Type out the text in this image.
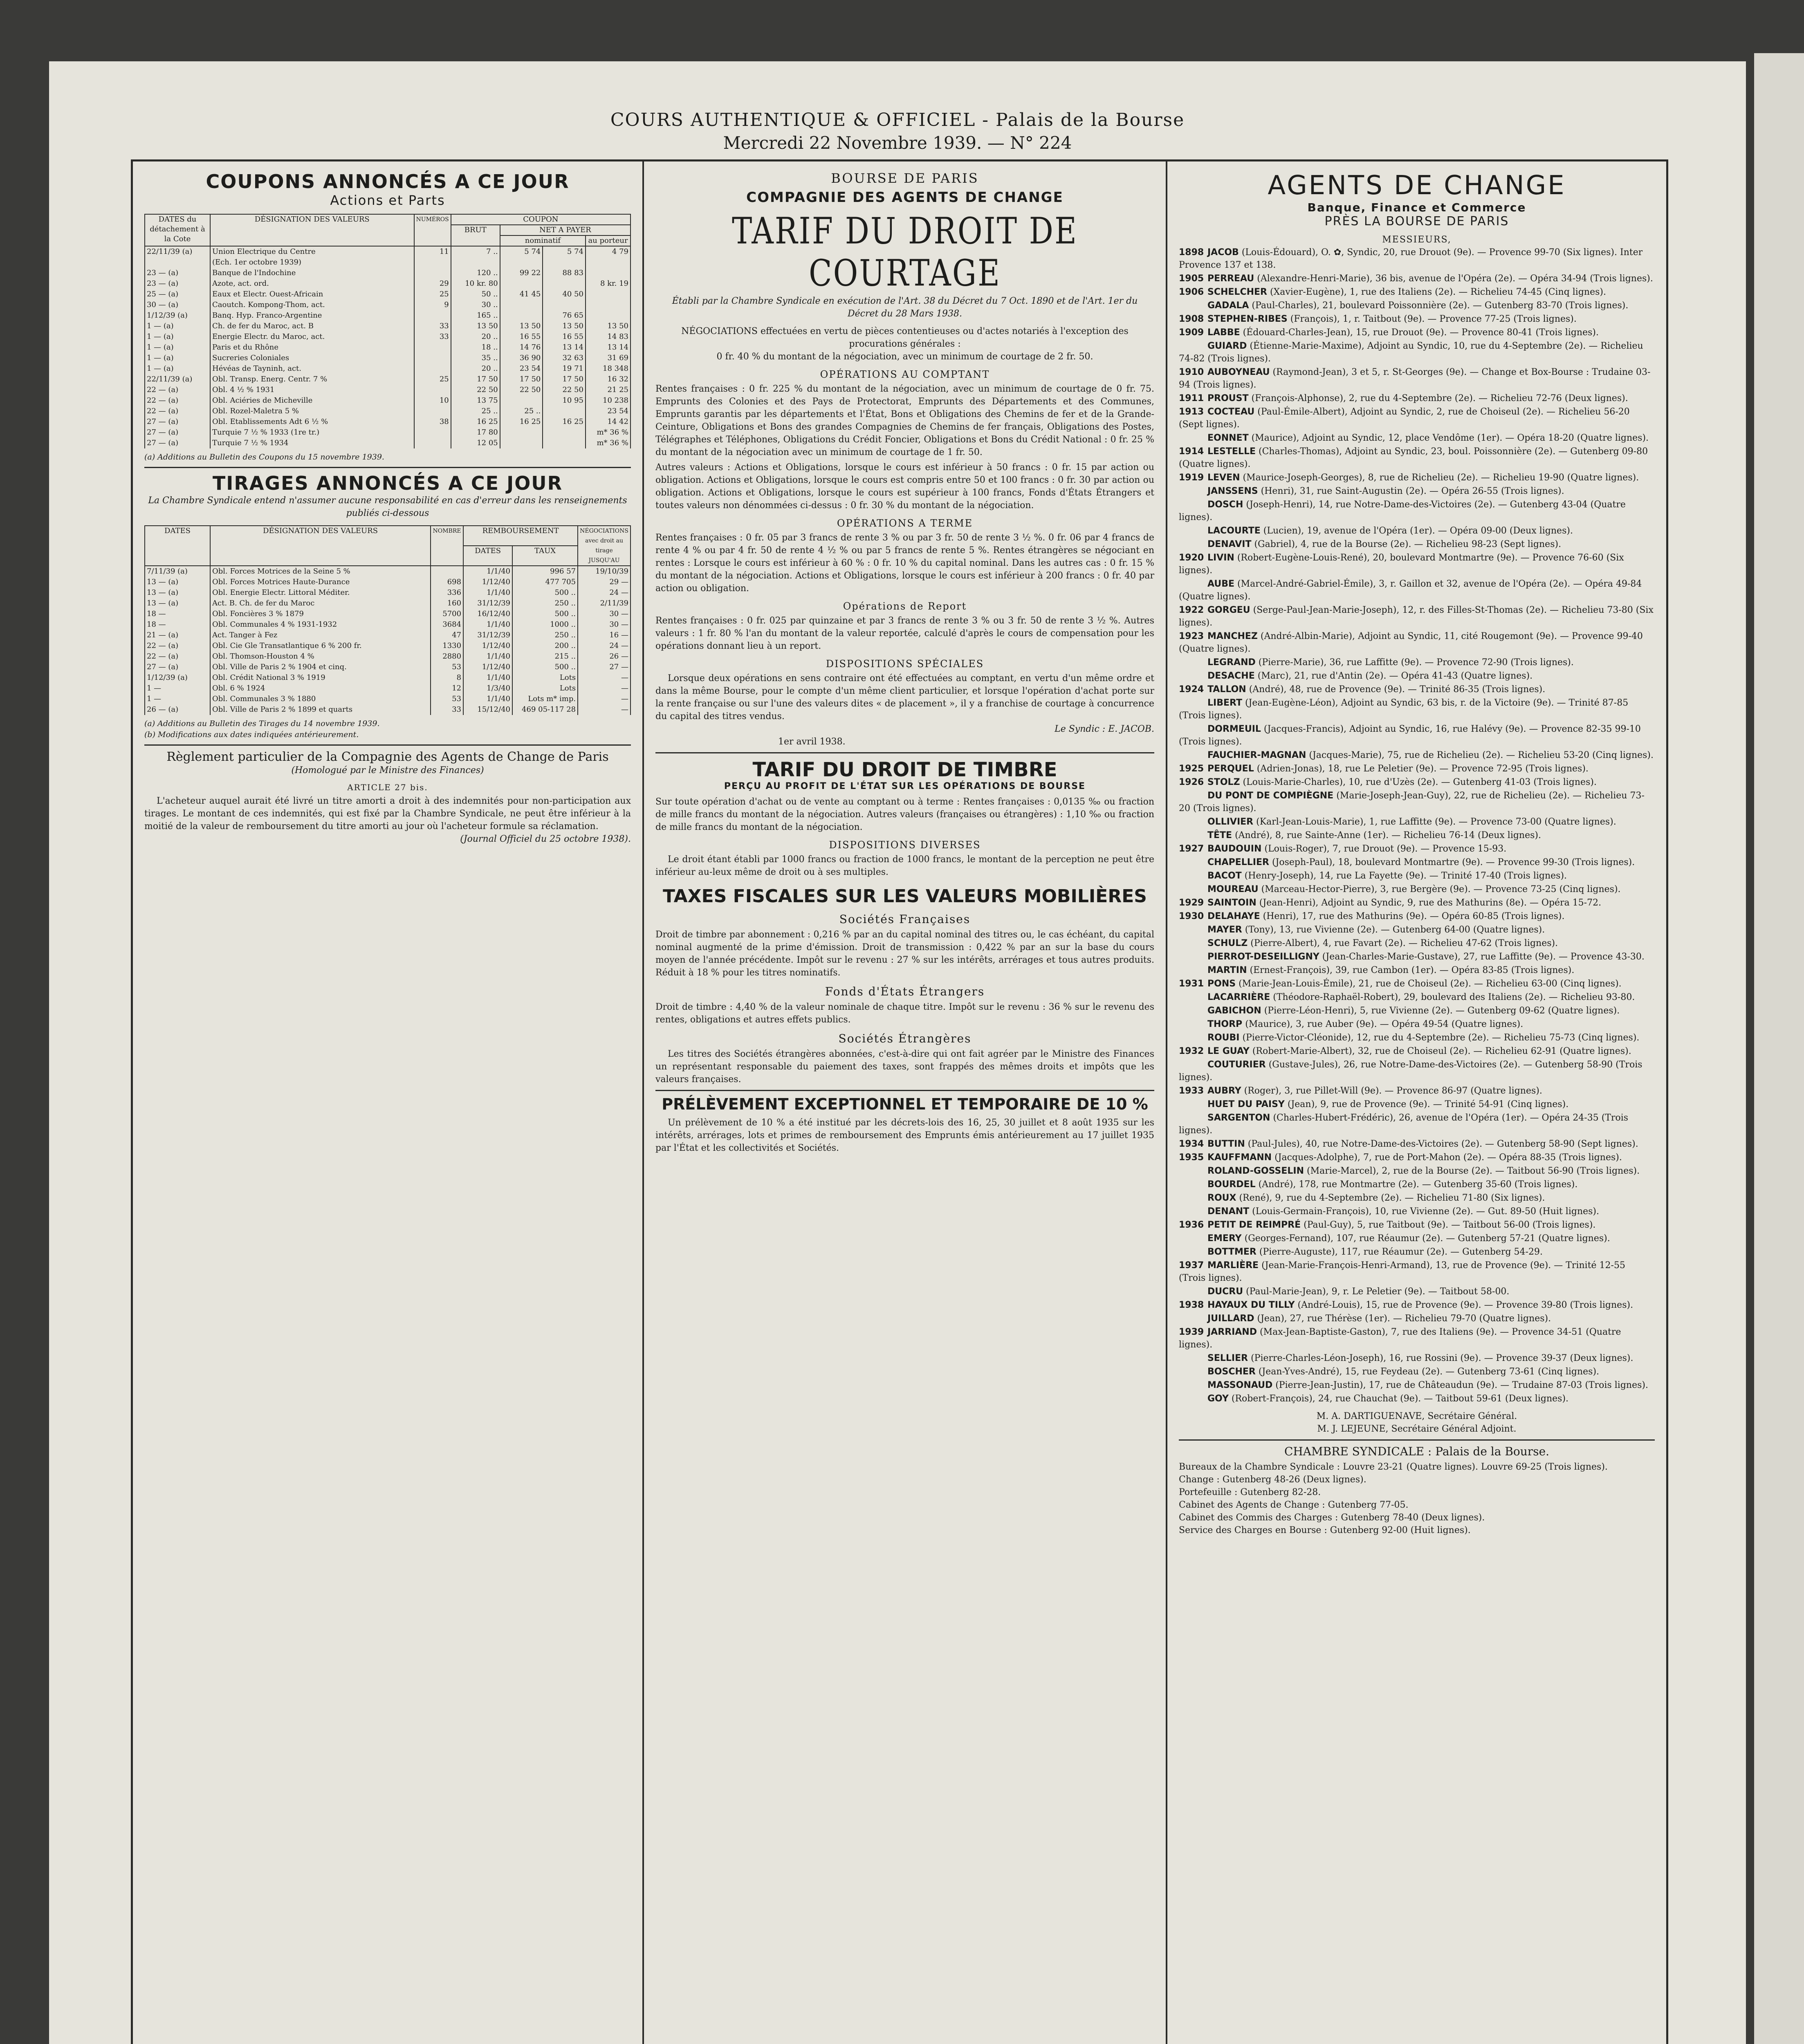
COURS AUTHENTIQUE & OFFICIEL - Palais de la Bourse
Mercredi 22 Novembre 1939. — N° 224
COUPONS ANNONCÉS A CE JOUR
Actions et Parts
DATES du détachement à la Cote	DÉSIGNATION DES VALEURS	NUMÉROS	COUPON			
			BRUT	NET A PAYER		
				nominatif		au porteur
22/11/39 (a)	Union Electrique du Centre	11	7 ..	5 74	5 74	4 79
	(Ech. 1er octobre 1939)					
23 — (a)	Banque de l'Indochine		120 ..	99 22	88 83	
23 — (a)	Azote, act. ord.	29	10 kr. 80			8 kr. 19
25 — (a)	Eaux et Electr. Ouest-Africain	25	50 ..	41 45	40 50	
30 — (a)	Caoutch. Kompong-Thom, act.	9	30 ..			
1/12/39 (a)	Banq. Hyp. Franco-Argentine		165 ..		76 65	
1 — (a)	Ch. de fer du Maroc, act. B	33	13 50	13 50	13 50	13 50
1 — (a)	Energie Electr. du Maroc, act.	33	20 ..	16 55	16 55	14 83
1 — (a)	Paris et du Rhône		18 ..	14 76	13 14	13 14
1 — (a)	Sucreries Coloniales		35 ..	36 90	32 63	31 69
1 — (a)	Hévéas de Tayninh, act.		20 ..	23 54	19 71	18 348
22/11/39 (a)	Obl. Transp. Energ. Centr. 7 %	25	17 50	17 50	17 50	16 32
22 — (a)	Obl. 4 ½ % 1931		22 50	22 50	22 50	21 25
22 — (a)	Obl. Aciéries de Micheville	10	13 75		10 95	10 238
22 — (a)	Obl. Rozel-Maletra 5 %		25 ..	25 ..		23 54
27 — (a)	Obl. Etablissements Adt 6 ½ %	38	16 25	16 25	16 25	14 42
27 — (a)	Turquie 7 ½ % 1933 (1re tr.)		17 80			m* 36 %
27 — (a)	Turquie 7 ½ % 1934		12 05			m* 36 %
(a) Additions au Bulletin des Coupons du 15 novembre 1939.
TIRAGES ANNONCÉS A CE JOUR
La Chambre Syndicale entend n'assumer aucune responsabilité en cas d'erreur dans les renseignements publiés ci-dessous
DATES	DÉSIGNATION DES VALEURS	NOMBRE	REMBOURSEMENT		NÉGOCIATIONS avec droit au tirage JUSQU'AU
			DATES	TAUX	
7/11/39 (a)	Obl. Forces Motrices de la Seine 5 %		1/1/40	996 57	19/10/39
13 — (a)	Obl. Forces Motrices Haute-Durance	698	1/12/40	477 705	29 —
13 — (a)	Obl. Energie Electr. Littoral Méditer.	336	1/1/40	500 ..	24 —
13 — (a)	Act. B. Ch. de fer du Maroc	160	31/12/39	250 ..	2/11/39
18 —	Obl. Foncières 3 % 1879	5700	16/12/40	500 ..	30 —
18 —	Obl. Communales 4 % 1931-1932	3684	1/1/40	1000 ..	30 —
21 — (a)	Act. Tanger à Fez	47	31/12/39	250 ..	16 —
22 — (a)	Obl. Cie Gle Transatlantique 6 % 200 fr.	1330	1/12/40	200 ..	24 —
22 — (a)	Obl. Thomson-Houston 4 %	2880	1/1/40	215 ..	26 —
27 — (a)	Obl. Ville de Paris 2 % 1904 et cinq.	53	1/12/40	500 ..	27 —
1/12/39 (a)	Obl. Crédit National 3 % 1919	8	1/1/40	Lots	—
1 —	Obl. 6 % 1924	12	1/3/40	Lots	—
1 —	Obl. Communales 3 % 1880	53	1/1/40	Lots m* imp.	—
26 — (a)	Obl. Ville de Paris 2 % 1899 et quarts	33	15/12/40	469 05-117 28	—
(a) Additions au Bulletin des Tirages du 14 novembre 1939.
(b) Modifications aux dates indiquées antérieurement.
Règlement particulier de la Compagnie des Agents de Change de Paris
(Homologué par le Ministre des Finances)
ARTICLE 27 bis.
L'acheteur auquel aurait été livré un titre amorti a droit à des indemnités pour non-participation aux tirages. Le montant de ces indemnités, qui est fixé par la Chambre Syndicale, ne peut être inférieur à la moitié de la valeur de remboursement du titre amorti au jour où l'acheteur formule sa réclamation.
(Journal Officiel du 25 octobre 1938).
BOURSE DE PARIS
COMPAGNIE DES AGENTS DE CHANGE
TARIF DU DROIT DE COURTAGE
Établi par la Chambre Syndicale en exécution de l'Art. 38 du Décret du 7 Oct. 1890 et de l'Art. 1er du Décret du 28 Mars 1938.
NÉGOCIATIONS effectuées en vertu de pièces contentieuses ou d'actes notariés à l'exception des procurations générales :
0 fr. 40 % du montant de la négociation, avec un minimum de courtage de 2 fr. 50.
OPÉRATIONS AU COMPTANT
Rentes françaises : 0 fr. 225 % du montant de la négociation, avec un minimum de courtage de 0 fr. 75. Emprunts des Colonies et des Pays de Protectorat, Emprunts des Départements et des Communes, Emprunts garantis par les départements et l'État, Bons et Obligations des Chemins de fer et de la Grande-Ceinture, Obligations et Bons des grandes Compagnies de Chemins de fer français, Obligations des Postes, Télégraphes et Téléphones, Obligations du Crédit Foncier, Obligations et Bons du Crédit National : 0 fr. 25 % du montant de la négociation avec un minimum de courtage de 1 fr. 50.
Autres valeurs : Actions et Obligations, lorsque le cours est inférieur à 50 francs : 0 fr. 15 par action ou obligation. Actions et Obligations, lorsque le cours est compris entre 50 et 100 francs : 0 fr. 30 par action ou obligation. Actions et Obligations, lorsque le cours est supérieur à 100 francs, Fonds d'États Étrangers et toutes valeurs non dénommées ci-dessus : 0 fr. 30 % du montant de la négociation.
OPÉRATIONS A TERME
Rentes françaises : 0 fr. 05 par 3 francs de rente 3 % ou par 3 fr. 50 de rente 3 ½ %. 0 fr. 06 par 4 francs de rente 4 % ou par 4 fr. 50 de rente 4 ½ % ou par 5 francs de rente 5 %. Rentes étrangères se négociant en rentes : Lorsque le cours est inférieur à 60 % : 0 fr. 10 % du capital nominal. Dans les autres cas : 0 fr. 15 % du montant de la négociation. Actions et Obligations, lorsque le cours est inférieur à 200 francs : 0 fr. 40 par action ou obligation.
Opérations de Report
Rentes françaises : 0 fr. 025 par quinzaine et par 3 francs de rente 3 % ou 3 fr. 50 de rente 3 ½ %. Autres valeurs : 1 fr. 80 % l'an du montant de la valeur reportée, calculé d'après le cours de compensation pour les opérations donnant lieu à un report.
DISPOSITIONS SPÉCIALES
Lorsque deux opérations en sens contraire ont été effectuées au comptant, en vertu d'un même ordre et dans la même Bourse, pour le compte d'un même client particulier, et lorsque l'opération d'achat porte sur la rente française ou sur l'une des valeurs dites « de placement », il y a franchise de courtage à concurrence du capital des titres vendus.
Le Syndic : E. JACOB.
1er avril 1938.
TARIF DU DROIT DE TIMBRE
PERÇU AU PROFIT DE L'ÉTAT SUR LES OPÉRATIONS DE BOURSE
Sur toute opération d'achat ou de vente au comptant ou à terme : Rentes françaises : 0,0135 ‰ ou fraction de mille francs du montant de la négociation. Autres valeurs (françaises ou étrangères) : 1,10 ‰ ou fraction de mille francs du montant de la négociation.
DISPOSITIONS DIVERSES
Le droit étant établi par 1000 francs ou fraction de 1000 francs, le montant de la perception ne peut être inférieur au-leux même de droit ou à ses multiples.
TAXES FISCALES SUR LES VALEURS MOBILIÈRES
Sociétés Françaises
Droit de timbre par abonnement : 0,216 % par an du capital nominal des titres ou, le cas échéant, du capital nominal augmenté de la prime d'émission. Droit de transmission : 0,422 % par an sur la base du cours moyen de l'année précédente. Impôt sur le revenu : 27 % sur les intérêts, arrérages et tous autres produits. Réduit à 18 % pour les titres nominatifs.
Fonds d'États Étrangers
Droit de timbre : 4,40 % de la valeur nominale de chaque titre. Impôt sur le revenu : 36 % sur le revenu des rentes, obligations et autres effets publics.
Sociétés Étrangères
Les titres des Sociétés étrangères abonnées, c'est-à-dire qui ont fait agréer par le Ministre des Finances un représentant responsable du paiement des taxes, sont frappés des mêmes droits et impôts que les valeurs françaises.
PRÉLÈVEMENT EXCEPTIONNEL ET TEMPORAIRE DE 10 %
Un prélèvement de 10 % a été institué par les décrets-lois des 16, 25, 30 juillet et 8 août 1935 sur les intérêts, arrérages, lots et primes de remboursement des Emprunts émis antérieurement au 17 juillet 1935 par l'État et les collectivités et Sociétés.
AGENTS DE CHANGE
Banque, Finance et Commerce
PRÈS LA BOURSE DE PARIS
MESSIEURS,
1898 JACOB (Louis-Édouard), O. ✿, Syndic, 20, rue Drouot (9e). — Provence 99-70 (Six lignes). Inter Provence 137 et 138.
1905 PERREAU (Alexandre-Henri-Marie), 36 bis, avenue de l'Opéra (2e). — Opéra 34-94 (Trois lignes).
1906 SCHELCHER (Xavier-Eugène), 1, rue des Italiens (2e). — Richelieu 74-45 (Cinq lignes).
GADALA (Paul-Charles), 21, boulevard Poissonnière (2e). — Gutenberg 83-70 (Trois lignes).
1908 STEPHEN-RIBES (François), 1, r. Taitbout (9e). — Provence 77-25 (Trois lignes).
1909 LABBE (Édouard-Charles-Jean), 15, rue Drouot (9e). — Provence 80-41 (Trois lignes).
GUIARD (Étienne-Marie-Maxime), Adjoint au Syndic, 10, rue du 4-Septembre (2e). — Richelieu 74-82 (Trois lignes).
1910 AUBOYNEAU (Raymond-Jean), 3 et 5, r. St-Georges (9e). — Change et Box-Bourse : Trudaine 03-94 (Trois lignes).
1911 PROUST (François-Alphonse), 2, rue du 4-Septembre (2e). — Richelieu 72-76 (Deux lignes).
1913 COCTEAU (Paul-Émile-Albert), Adjoint au Syndic, 2, rue de Choiseul (2e). — Richelieu 56-20 (Sept lignes).
EONNET (Maurice), Adjoint au Syndic, 12, place Vendôme (1er). — Opéra 18-20 (Quatre lignes).
1914 LESTELLE (Charles-Thomas), Adjoint au Syndic, 23, boul. Poissonnière (2e). — Gutenberg 09-80 (Quatre lignes).
1919 LEVEN (Maurice-Joseph-Georges), 8, rue de Richelieu (2e). — Richelieu 19-90 (Quatre lignes).
JANSSENS (Henri), 31, rue Saint-Augustin (2e). — Opéra 26-55 (Trois lignes).
DOSCH (Joseph-Henri), 14, rue Notre-Dame-des-Victoires (2e). — Gutenberg 43-04 (Quatre lignes).
LACOURTE (Lucien), 19, avenue de l'Opéra (1er). — Opéra 09-00 (Deux lignes).
DENAVIT (Gabriel), 4, rue de la Bourse (2e). — Richelieu 98-23 (Sept lignes).
1920 LIVIN (Robert-Eugène-Louis-René), 20, boulevard Montmartre (9e). — Provence 76-60 (Six lignes).
AUBE (Marcel-André-Gabriel-Émile), 3, r. Gaillon et 32, avenue de l'Opéra (2e). — Opéra 49-84 (Quatre lignes).
1922 GORGEU (Serge-Paul-Jean-Marie-Joseph), 12, r. des Filles-St-Thomas (2e). — Richelieu 73-80 (Six lignes).
1923 MANCHEZ (André-Albin-Marie), Adjoint au Syndic, 11, cité Rougemont (9e). — Provence 99-40 (Quatre lignes).
LEGRAND (Pierre-Marie), 36, rue Laffitte (9e). — Provence 72-90 (Trois lignes).
DESACHE (Marc), 21, rue d'Antin (2e). — Opéra 41-43 (Quatre lignes).
1924 TALLON (André), 48, rue de Provence (9e). — Trinité 86-35 (Trois lignes).
LIBERT (Jean-Eugène-Léon), Adjoint au Syndic, 63 bis, r. de la Victoire (9e). — Trinité 87-85 (Trois lignes).
DORMEUIL (Jacques-Francis), Adjoint au Syndic, 16, rue Halévy (9e). — Provence 82-35 99-10 (Trois lignes).
FAUCHIER-MAGNAN (Jacques-Marie), 75, rue de Richelieu (2e). — Richelieu 53-20 (Cinq lignes).
1925 PERQUEL (Adrien-Jonas), 18, rue Le Peletier (9e). — Provence 72-95 (Trois lignes).
1926 STOLZ (Louis-Marie-Charles), 10, rue d'Uzès (2e). — Gutenberg 41-03 (Trois lignes).
DU PONT DE COMPIÈGNE (Marie-Joseph-Jean-Guy), 22, rue de Richelieu (2e). — Richelieu 73-20 (Trois lignes).
OLLIVIER (Karl-Jean-Louis-Marie), 1, rue Laffitte (9e). — Provence 73-00 (Quatre lignes).
TÊTE (André), 8, rue Sainte-Anne (1er). — Richelieu 76-14 (Deux lignes).
1927 BAUDOUIN (Louis-Roger), 7, rue Drouot (9e). — Provence 15-93.
CHAPELLIER (Joseph-Paul), 18, boulevard Montmartre (9e). — Provence 99-30 (Trois lignes).
BACOT (Henry-Joseph), 14, rue La Fayette (9e). — Trinité 17-40 (Trois lignes).
MOUREAU (Marceau-Hector-Pierre), 3, rue Bergère (9e). — Provence 73-25 (Cinq lignes).
1929 SAINTOIN (Jean-Henri), Adjoint au Syndic, 9, rue des Mathurins (8e). — Opéra 15-72.
1930 DELAHAYE (Henri), 17, rue des Mathurins (9e). — Opéra 60-85 (Trois lignes).
MAYER (Tony), 13, rue Vivienne (2e). — Gutenberg 64-00 (Quatre lignes).
SCHULZ (Pierre-Albert), 4, rue Favart (2e). — Richelieu 47-62 (Trois lignes).
PIERROT-DESEILLIGNY (Jean-Charles-Marie-Gustave), 27, rue Laffitte (9e). — Provence 43-30.
MARTIN (Ernest-François), 39, rue Cambon (1er). — Opéra 83-85 (Trois lignes).
1931 PONS (Marie-Jean-Louis-Émile), 21, rue de Choiseul (2e). — Richelieu 63-00 (Cinq lignes).
LACARRIÈRE (Théodore-Raphaël-Robert), 29, boulevard des Italiens (2e). — Richelieu 93-80.
GABICHON (Pierre-Léon-Henri), 5, rue Vivienne (2e). — Gutenberg 09-62 (Quatre lignes).
THORP (Maurice), 3, rue Auber (9e). — Opéra 49-54 (Quatre lignes).
ROUBI (Pierre-Victor-Cléonide), 12, rue du 4-Septembre (2e). — Richelieu 75-73 (Cinq lignes).
1932 LE GUAY (Robert-Marie-Albert), 32, rue de Choiseul (2e). — Richelieu 62-91 (Quatre lignes).
COUTURIER (Gustave-Jules), 26, rue Notre-Dame-des-Victoires (2e). — Gutenberg 58-90 (Trois lignes).
1933 AUBRY (Roger), 3, rue Pillet-Will (9e). — Provence 86-97 (Quatre lignes).
HUET DU PAISY (Jean), 9, rue de Provence (9e). — Trinité 54-91 (Cinq lignes).
SARGENTON (Charles-Hubert-Frédéric), 26, avenue de l'Opéra (1er). — Opéra 24-35 (Trois lignes).
1934 BUTTIN (Paul-Jules), 40, rue Notre-Dame-des-Victoires (2e). — Gutenberg 58-90 (Sept lignes).
1935 KAUFFMANN (Jacques-Adolphe), 7, rue de Port-Mahon (2e). — Opéra 88-35 (Trois lignes).
ROLAND-GOSSELIN (Marie-Marcel), 2, rue de la Bourse (2e). — Taitbout 56-90 (Trois lignes).
BOURDEL (André), 178, rue Montmartre (2e). — Gutenberg 35-60 (Trois lignes).
ROUX (René), 9, rue du 4-Septembre (2e). — Richelieu 71-80 (Six lignes).
DENANT (Louis-Germain-François), 10, rue Vivienne (2e). — Gut. 89-50 (Huit lignes).
1936 PETIT DE REIMPRÉ (Paul-Guy), 5, rue Taitbout (9e). — Taitbout 56-00 (Trois lignes).
EMERY (Georges-Fernand), 107, rue Réaumur (2e). — Gutenberg 57-21 (Quatre lignes).
BOTTMER (Pierre-Auguste), 117, rue Réaumur (2e). — Gutenberg 54-29.
1937 MARLIÈRE (Jean-Marie-François-Henri-Armand), 13, rue de Provence (9e). — Trinité 12-55 (Trois lignes).
DUCRU (Paul-Marie-Jean), 9, r. Le Peletier (9e). — Taitbout 58-00.
1938 HAYAUX DU TILLY (André-Louis), 15, rue de Provence (9e). — Provence 39-80 (Trois lignes).
JUILLARD (Jean), 27, rue Thérèse (1er). — Richelieu 79-70 (Quatre lignes).
1939 JARRIAND (Max-Jean-Baptiste-Gaston), 7, rue des Italiens (9e). — Provence 34-51 (Quatre lignes).
SELLIER (Pierre-Charles-Léon-Joseph), 16, rue Rossini (9e). — Provence 39-37 (Deux lignes).
BOSCHER (Jean-Yves-André), 15, rue Feydeau (2e). — Gutenberg 73-61 (Cinq lignes).
MASSONAUD (Pierre-Jean-Justin), 17, rue de Châteaudun (9e). — Trudaine 87-03 (Trois lignes).
GOY (Robert-François), 24, rue Chauchat (9e). — Taitbout 59-61 (Deux lignes).
M. A. DARTIGUENAVE, Secrétaire Général.
M. J. LEJEUNE, Secrétaire Général Adjoint.
CHAMBRE SYNDICALE : Palais de la Bourse.
Bureaux de la Chambre Syndicale : Louvre 23-21 (Quatre lignes). Louvre 69-25 (Trois lignes).
Change : Gutenberg 48-26 (Deux lignes).
Portefeuille : Gutenberg 82-28.
Cabinet des Agents de Change : Gutenberg 77-05.
Cabinet des Commis des Charges : Gutenberg 78-40 (Deux lignes).
Service des Charges en Bourse : Gutenberg 92-00 (Huit lignes).
